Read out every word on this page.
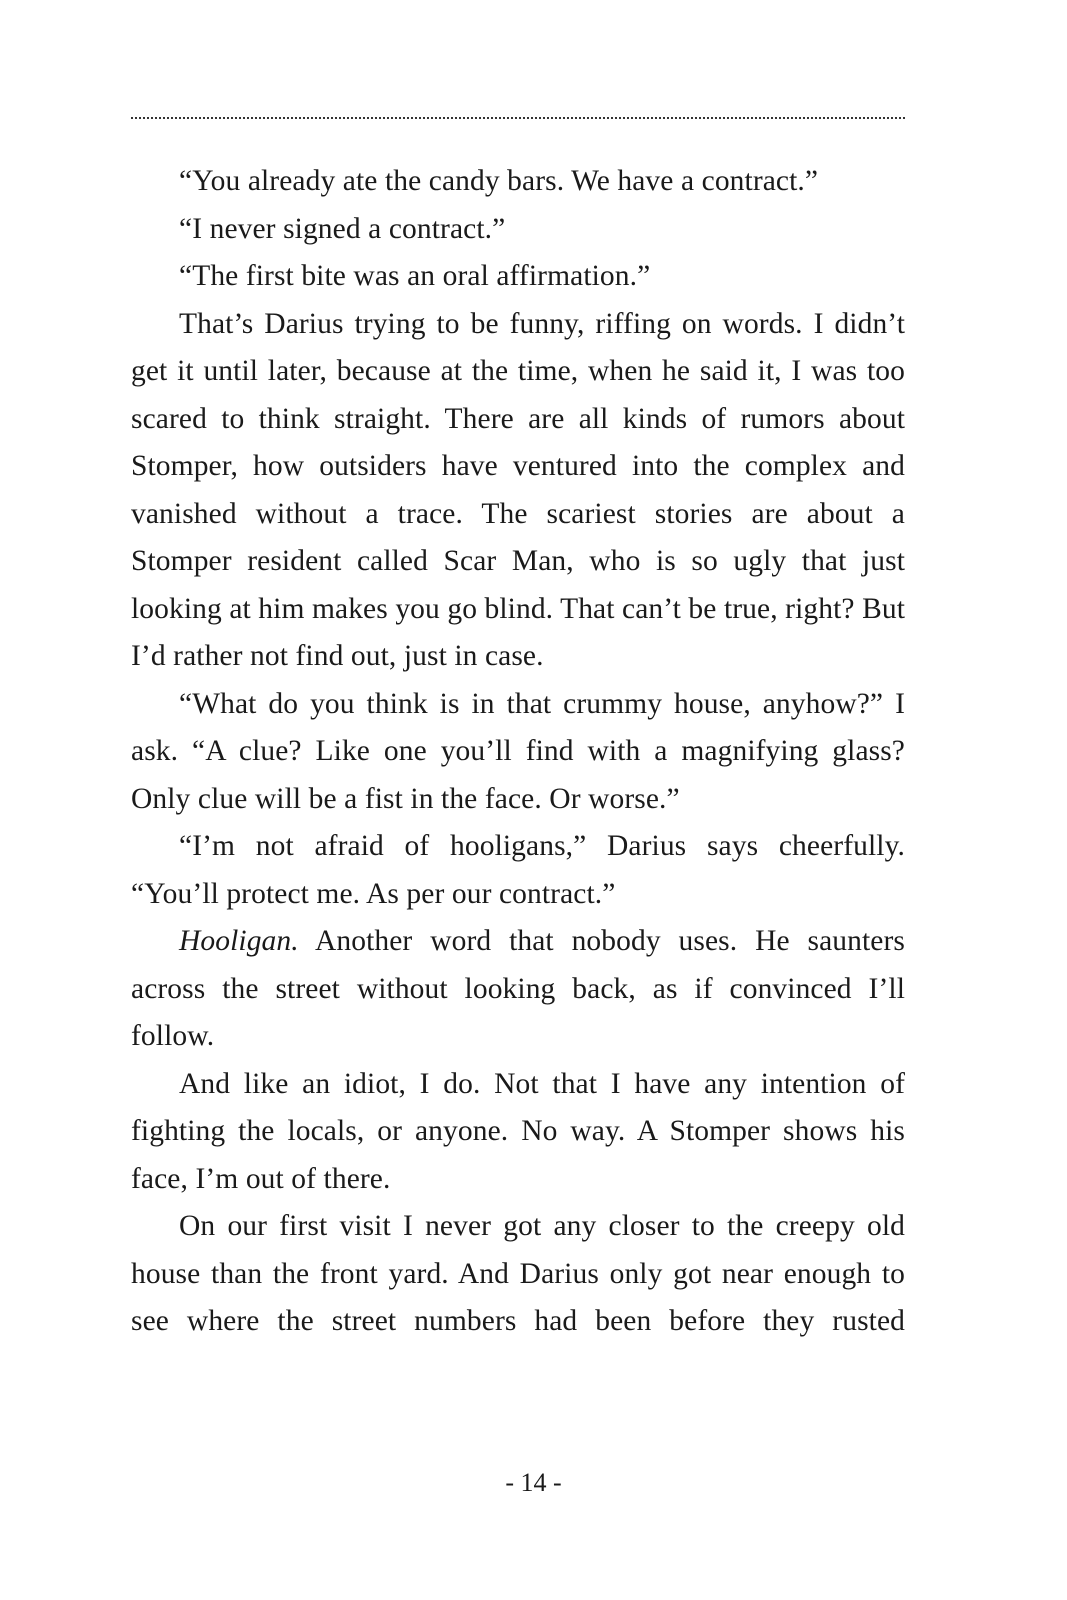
“You already ate the candy bars. We have a contract.”

“I never signed a contract.”

“The first bite was an oral affirmation.”

That’s Darius trying to be funny, riffing on words. I didn’t get it until later, because at the time, when he said it, I was too scared to think straight. There are all kinds of rumors about Stomper, how outsiders have ventured into the complex and vanished without a trace. The scariest stories are about a Stomper resident called Scar Man, who is so ugly that just looking at him makes you go blind. That can’t be true, right? But I’d rather not find out, just in case.

“What do you think is in that crummy house, anyhow?” I ask. “A clue? Like one you’ll find with a magnifying glass? Only clue will be a fist in the face. Or worse.”

“I’m not afraid of hooligans,” Darius says cheerfully. “You’ll protect me. As per our contract.”

Hooligan. Another word that nobody uses. He saunters across the street without looking back, as if convinced I’ll follow.

And like an idiot, I do. Not that I have any intention of fighting the locals, or anyone. No way. A Stomper shows his face, I’m out of there.

On our first visit I never got any closer to the creepy old house than the front yard. And Darius only got near enough to see where the street numbers had been before they rusted

- 14 -
